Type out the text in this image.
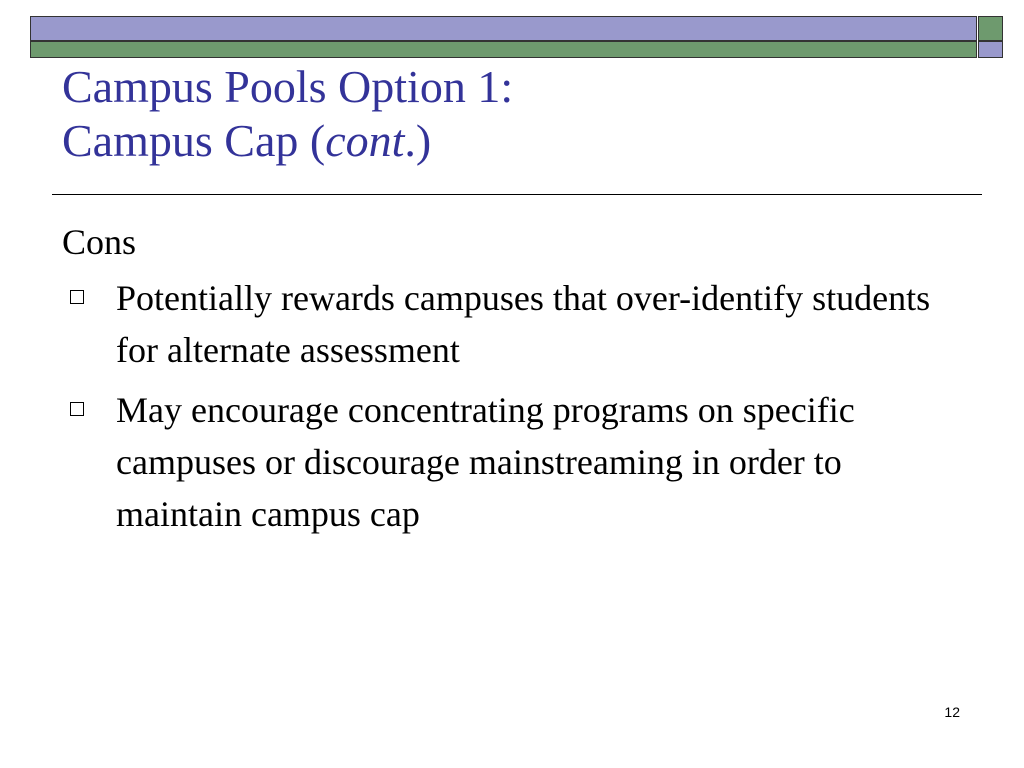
Campus Pools Option 1:
Campus Cap (cont.)
Cons
Potentially rewards campuses that over-identify students for alternate assessment
May encourage concentrating programs on specific campuses or discourage mainstreaming in order to maintain campus cap
12
